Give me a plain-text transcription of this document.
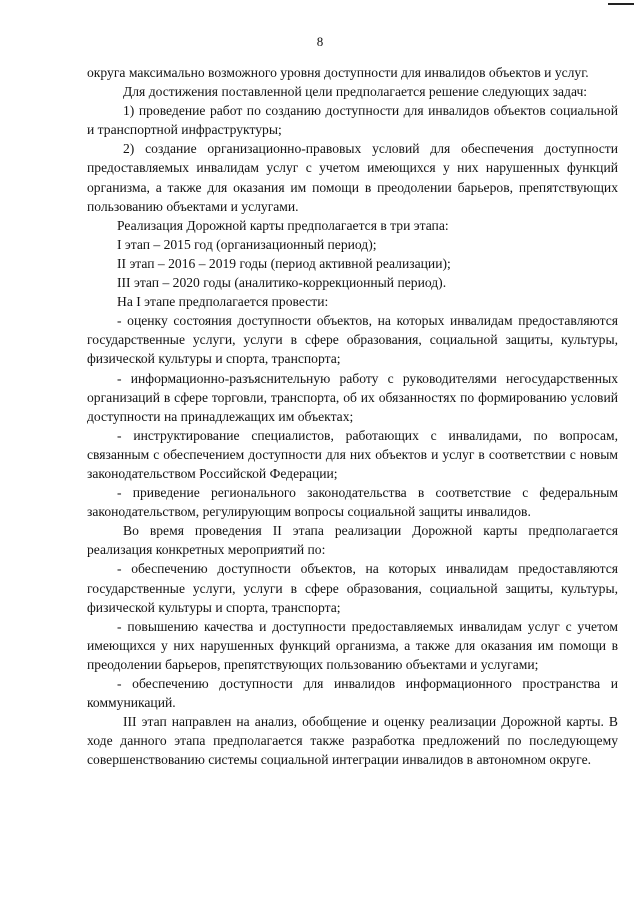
8

округа максимально возможного уровня доступности для инвалидов объектов и услуг.

Для достижения поставленной цели предполагается решение следующих задач:

1) проведение работ по созданию доступности для инвалидов объектов социальной и транспортной инфраструктуры;

2) создание организационно-правовых условий для обеспечения доступности предоставляемых инвалидам услуг с учетом имеющихся у них нарушенных функций организма, а также для оказания им помощи в преодолении барьеров, препятствующих пользованию объектами и услугами.

Реализация Дорожной карты предполагается в три этапа:

I этап – 2015 год (организационный период);

II этап – 2016 – 2019 годы (период активной реализации);

III этап – 2020 годы (аналитико-коррекционный период).

На I этапе предполагается провести:

- оценку состояния доступности объектов, на которых инвалидам предоставляются государственные услуги, услуги в сфере образования, социальной защиты, культуры, физической культуры и спорта, транспорта;

- информационно-разъяснительную работу с руководителями негосударственных организаций в сфере торговли, транспорта, об их обязанностях по формированию условий доступности на принадлежащих им объектах;

- инструктирование специалистов, работающих с инвалидами, по вопросам, связанным с обеспечением доступности для них объектов и услуг в соответствии с новым законодательством Российской Федерации;

- приведение регионального законодательства в соответствие с федеральным законодательством, регулирующим вопросы социальной защиты инвалидов.

Во время проведения II этапа реализации Дорожной карты предполагается реализация конкретных мероприятий по:

- обеспечению доступности объектов, на которых инвалидам предоставляются государственные услуги, услуги в сфере образования, социальной защиты, культуры, физической культуры и спорта, транспорта;

- повышению качества и доступности предоставляемых инвалидам услуг с учетом имеющихся у них нарушенных функций организма, а также для оказания им помощи в преодолении барьеров, препятствующих пользованию объектами и услугами;

- обеспечению доступности для инвалидов информационного пространства и коммуникаций.

III этап направлен на анализ, обобщение и оценку реализации Дорожной карты. В ходе данного этапа предполагается также разработка предложений по последующему совершенствованию системы социальной интеграции инвалидов в автономном округе.
